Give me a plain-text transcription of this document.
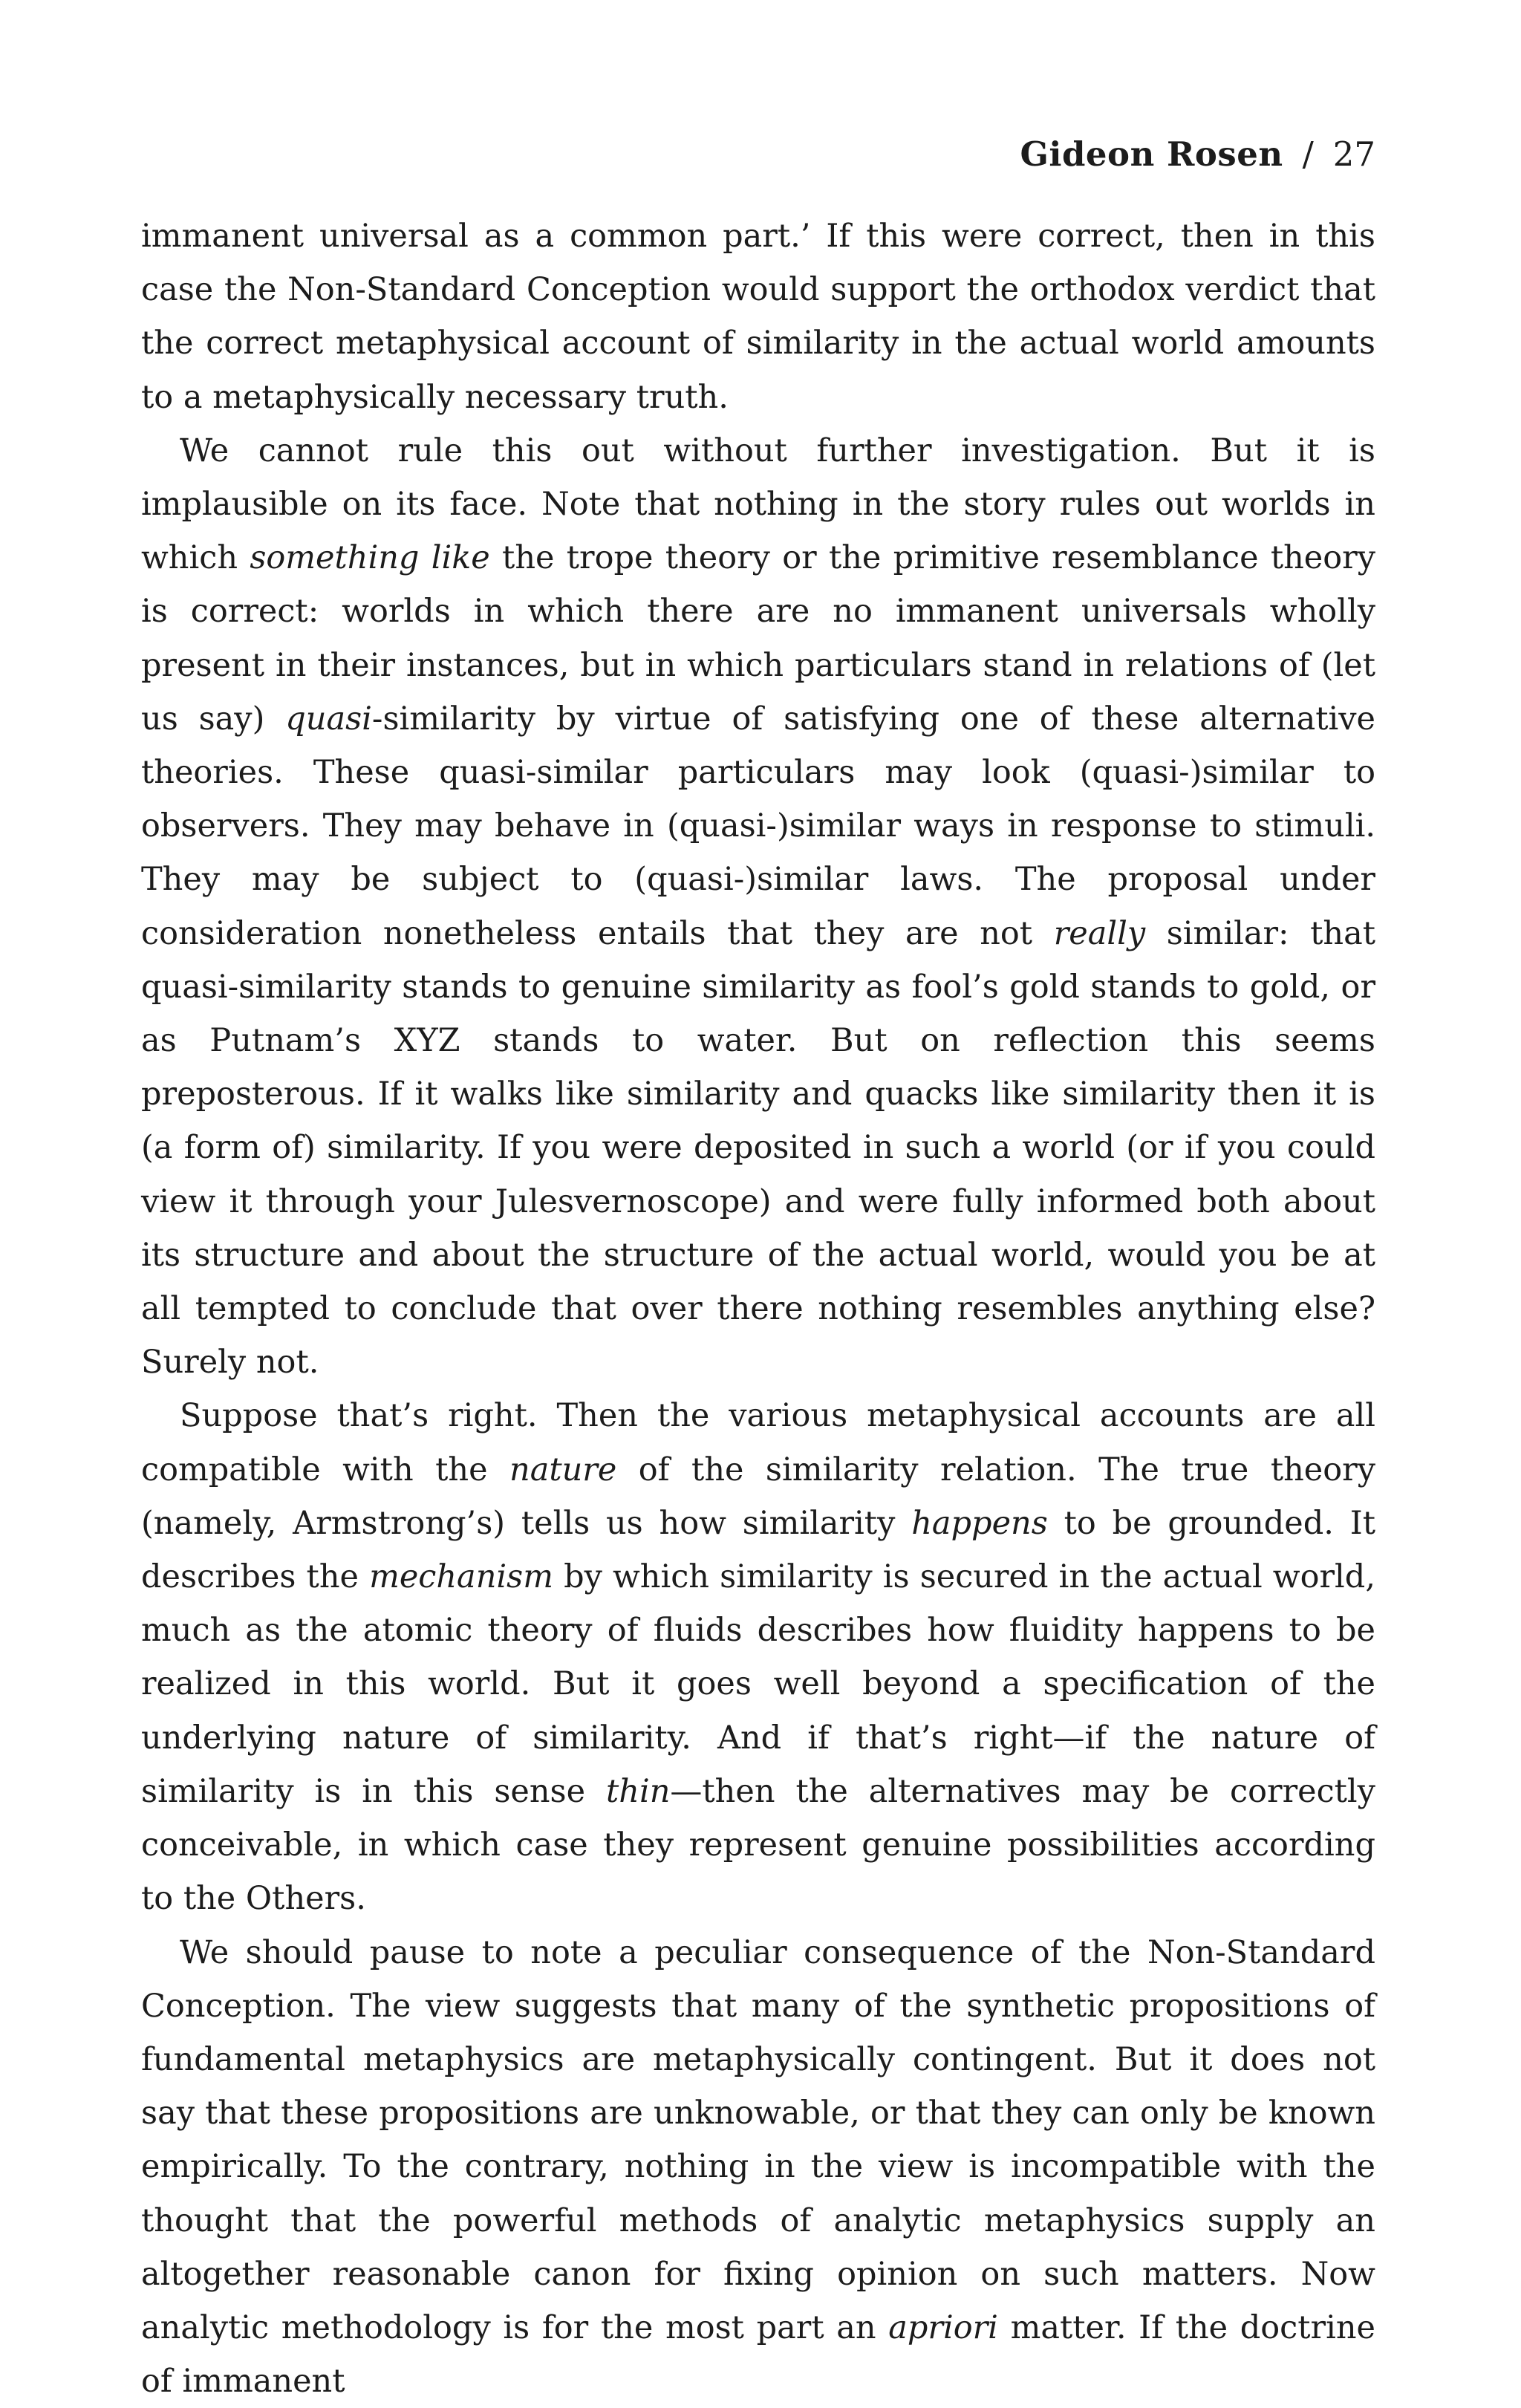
Gideon Rosen / 27

immanent universal as a common part.’ If this were correct, then in this case the Non-Standard Conception would support the orthodox verdict that the correct metaphysical account of similarity in the actual world amounts to a metaphysically necessary truth.

We cannot rule this out without further investigation. But it is implausible on its face. Note that nothing in the story rules out worlds in which something like the trope theory or the primitive resemblance theory is correct: worlds in which there are no immanent universals wholly present in their instances, but in which particulars stand in relations of (let us say) quasi-similarity by virtue of satisfying one of these alternative theories. These quasi-similar particulars may look (quasi-)similar to observers. They may behave in (quasi-)similar ways in response to stimuli. They may be subject to (quasi-)similar laws. The proposal under consideration nonetheless entails that they are not really similar: that quasi-similarity stands to genuine similarity as fool’s gold stands to gold, or as Putnam’s XYZ stands to water. But on reflection this seems preposterous. If it walks like similarity and quacks like similarity then it is (a form of) similarity. If you were deposited in such a world (or if you could view it through your Julesvernoscope) and were fully informed both about its structure and about the structure of the actual world, would you be at all tempted to conclude that over there nothing resembles anything else? Surely not.

Suppose that’s right. Then the various metaphysical accounts are all compatible with the nature of the similarity relation. The true theory (namely, Armstrong’s) tells us how similarity happens to be grounded. It describes the mechanism by which similarity is secured in the actual world, much as the atomic theory of fluids describes how fluidity happens to be realized in this world. But it goes well beyond a specification of the underlying nature of similarity. And if that’s right—if the nature of similarity is in this sense thin—then the alternatives may be correctly conceivable, in which case they represent genuine possibilities according to the Others.

We should pause to note a peculiar consequence of the Non-Standard Conception. The view suggests that many of the synthetic propositions of fundamental metaphysics are metaphysically contingent. But it does not say that these propositions are unknowable, or that they can only be known empirically. To the contrary, nothing in the view is incompatible with the thought that the powerful methods of analytic metaphysics supply an altogether reasonable canon for fixing opinion on such matters. Now analytic methodology is for the most part an apriori matter. If the doctrine of immanent
